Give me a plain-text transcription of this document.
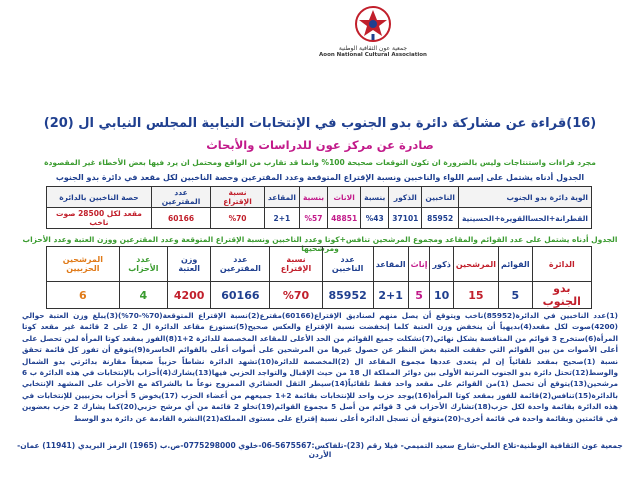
جمعية عون الثقافية الوطنية
Aoon National Cultural Association
(16)قراءة عن مشاركة دائرة بدو الجنوب في الإنتخابات النيابية المجلس النيابي ال (20)
صادرة عن مركز عون للدراسات والأبحاث
مجرد قراءات واستنتاجات وليس بالضرورة ان تكون التوقعات صحيحة 100% وانما قد تقارب من الواقع ومحتمل ان يرد فيها بعض الأخطاء غير المقصودة
الجدول أدناه يشتمل على إسم اللواء والناخبين ونسبة الإقتراع المتوقعة وعدد المقترعين وحصة الناخبين لكل مقعد في دائرة بدو الجنوب
الوية دائرة بدو الجنوب	الناخبين	الذكور	بنسبة	الاناث	بنسبة	المقاعد	نسبة الإقتراع	عدد المقترعين	حصة الناخبين بالدائرة
القطرانة+الحساالقويرة+الحسينية	85952	37101	%43	48851	%57	2+1	%70	60166	مقعد لكل 28500 صوت ناخب
الجدول أدناه يشتمل على عدد القوائم والمقاعد ومجموع المرشحين تنافس+كوتا وعدد الناخبين ونسبة الإقتراع المتوقعة وعدد المقترعين ووزن العتبة وعدد الأحزاب ومرشحيها
الدائرة	القوائم	المرشحين	ذكور	إناث	المقاعد	عدد الناخبين	نسبة الإقتراع	عدد المقترعين	وزن العتبة	عدد الأحزاب	المرشحين الحزبيين
بدو الجنوب	5	15	10	5	2+1	85952	%70	60166	4200	4	6
(1)عدد الناخبين في الدائرة(85952)ناخب ويتوقع أن يصل منهم لصناديق الإقتراع(60166)مقترع(2)نسبة الإقتراع المتوقعة(70%-70%)(3)يبلغ وزن العتبة حوالي (4200)صوت لكل مقعد(4)بديهياً أن ينخفض وزن العتبة كلما إنخفضت نسبة الإقتراع والعكس صحيح(5)تستوزع مقاعد الدائرة ال 2 على 2 قائمة غير مقعد كوتا المرأة(6)ستخرج 3 قوائم من المنافسة بشكل نهائي(7)تشكلت جميع القوائم من الحد الأعلى للمقاعد المخصصة للدائرة 2+1(8)الفوز بمقعد كوتا المرأة لمن تحصل على أعلى الأصوات من بين القوائم التي حققت العتبة بغض النظر عن حصول غيرها من المرشحين على أصوات أعلى بالقوائم الخاسرة(9)يتوقع أن تفوز كل قائمة تحقق نسبة (1)صحيح بمقعد تلقائياً إن لم يتعدى عددها مجموع المقاعد ال (2)المخصصة للدائرة(10)تشهد الدائرة نشاطاً حزبياً ضعيفاً مقارنة بدائرتي بدو الشمال والوسط(12)تحتل دائرة بدو الجنوب المرتبة الأولى بين دوائر المملكة ال 18 من حيث الإقبال والتواجد الحزبي فيها(13)يشارك(4)أحزاب بالإنتخابات في هذه الدائرة ب 6 مرشحين(13)يتوقع أن تحصل (1)من القوائم على مقعد واحد فقط تلقائياً(14)سيطر الثقل العشائري الممزوج نوعاً ما بالشراكة مع الأحزاب على المشهد الإنتخابي بالدائرة(15)تنافس(2)قائمة للفوز بمقعد كوتا المرأة(16)يوجد حزب واحد للإنتخابات بقائمة 2+1 جميعهم من أعضاء الحزب (17)يخوض 5 أحزاب بحزبيين للإنتخابات في هذه الدائرة بقائمة واحدة لكل حزب(18)تشارك الأحزاب في 3 قوائم من أصل 5 مجموع القوائم(19)تخلو 2 قائمة من أي مرشح حزبي(20)كما يشارك 2 حزب بعضوين في قائمتين وبقائمة واحدة في قائمة أخرى-(20)متوقع أن تسجل الدائرة أعلى نسبة إقتراع على مستوى المملكة(21)النشرة القادمة عن دائرة بدو الوسط
جمعية عون الثقافية الوطنية-تلاع العلي-شارع سعيد التميمي- فيلا رقم (23)-تلفاكس:5675567-06-خلوي 0775298000-ص.ب (1965) الرمز البريدي (11941) عمان-الأردن
